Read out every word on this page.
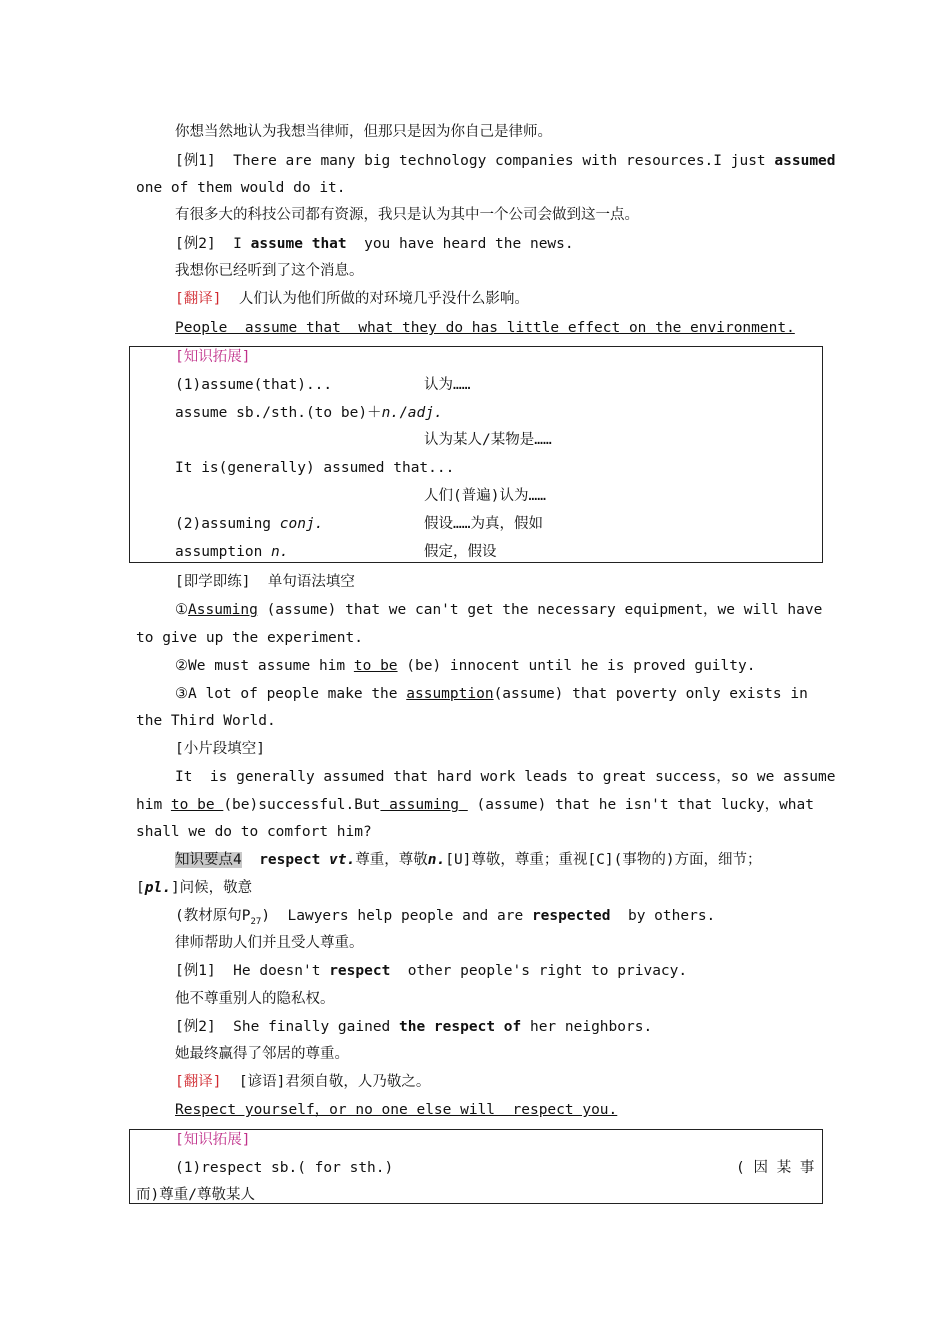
你想当然地认为我想当律师，但那只是因为你自己是律师。
[例1]  There are many big technology companies with resources.I just assumed
one of them would do it.
有很多大的科技公司都有资源，我只是认为其中一个公司会做到这一点。
[例2]  I assume that  you have heard the news.
我想你已经听到了这个消息。
[翻译]  人们认为他们所做的对环境几乎没什么影响。
People  assume that  what they do has little effect on the environment.
[知识拓展]
(1)assume(that)...	认为……
assume sb./sth.(to be)＋n./adj.
认为某人/某物是……
It is(generally) assumed that...
人们(普遍)认为……
(2)assuming conj.	假设……为真，假如
assumption n.	假定，假设
[即学即练]  单句语法填空
①Assuming (assume) that we can't get the necessary equipment，we will have
to give up the experiment.
②We must assume him to be (be) innocent until he is proved guilty.
③A lot of people make the assumption(assume) that poverty only exists in
the Third World.
[小片段填空]
It  is generally assumed that hard work leads to great success，so we assume
him to be (be)successful.But assuming  (assume) that he isn't that lucky，what
shall we do to comfort him?
知识要点4  respect vt.尊重，尊敬n.[U]尊敬，尊重；重视[C](事物的)方面，细节；
[pl.]问候，敬意
(教材原句$P_{27}$)  Lawyers help people and are respected  by others.
律师帮助人们并且受人尊重。
[例1]  He doesn't respect  other people's right to privacy.
他不尊重别人的隐私权。
[例2]  She finally gained the respect of her neighbors.
她最终赢得了邻居的尊重。
[翻译]  [谚语]君须自敬，人乃敬之。
Respect yourself，or no one else will  respect you.
[知识拓展]
(1)respect sb.( for sth.)	( 因 某 事
而)尊重/尊敬某人
